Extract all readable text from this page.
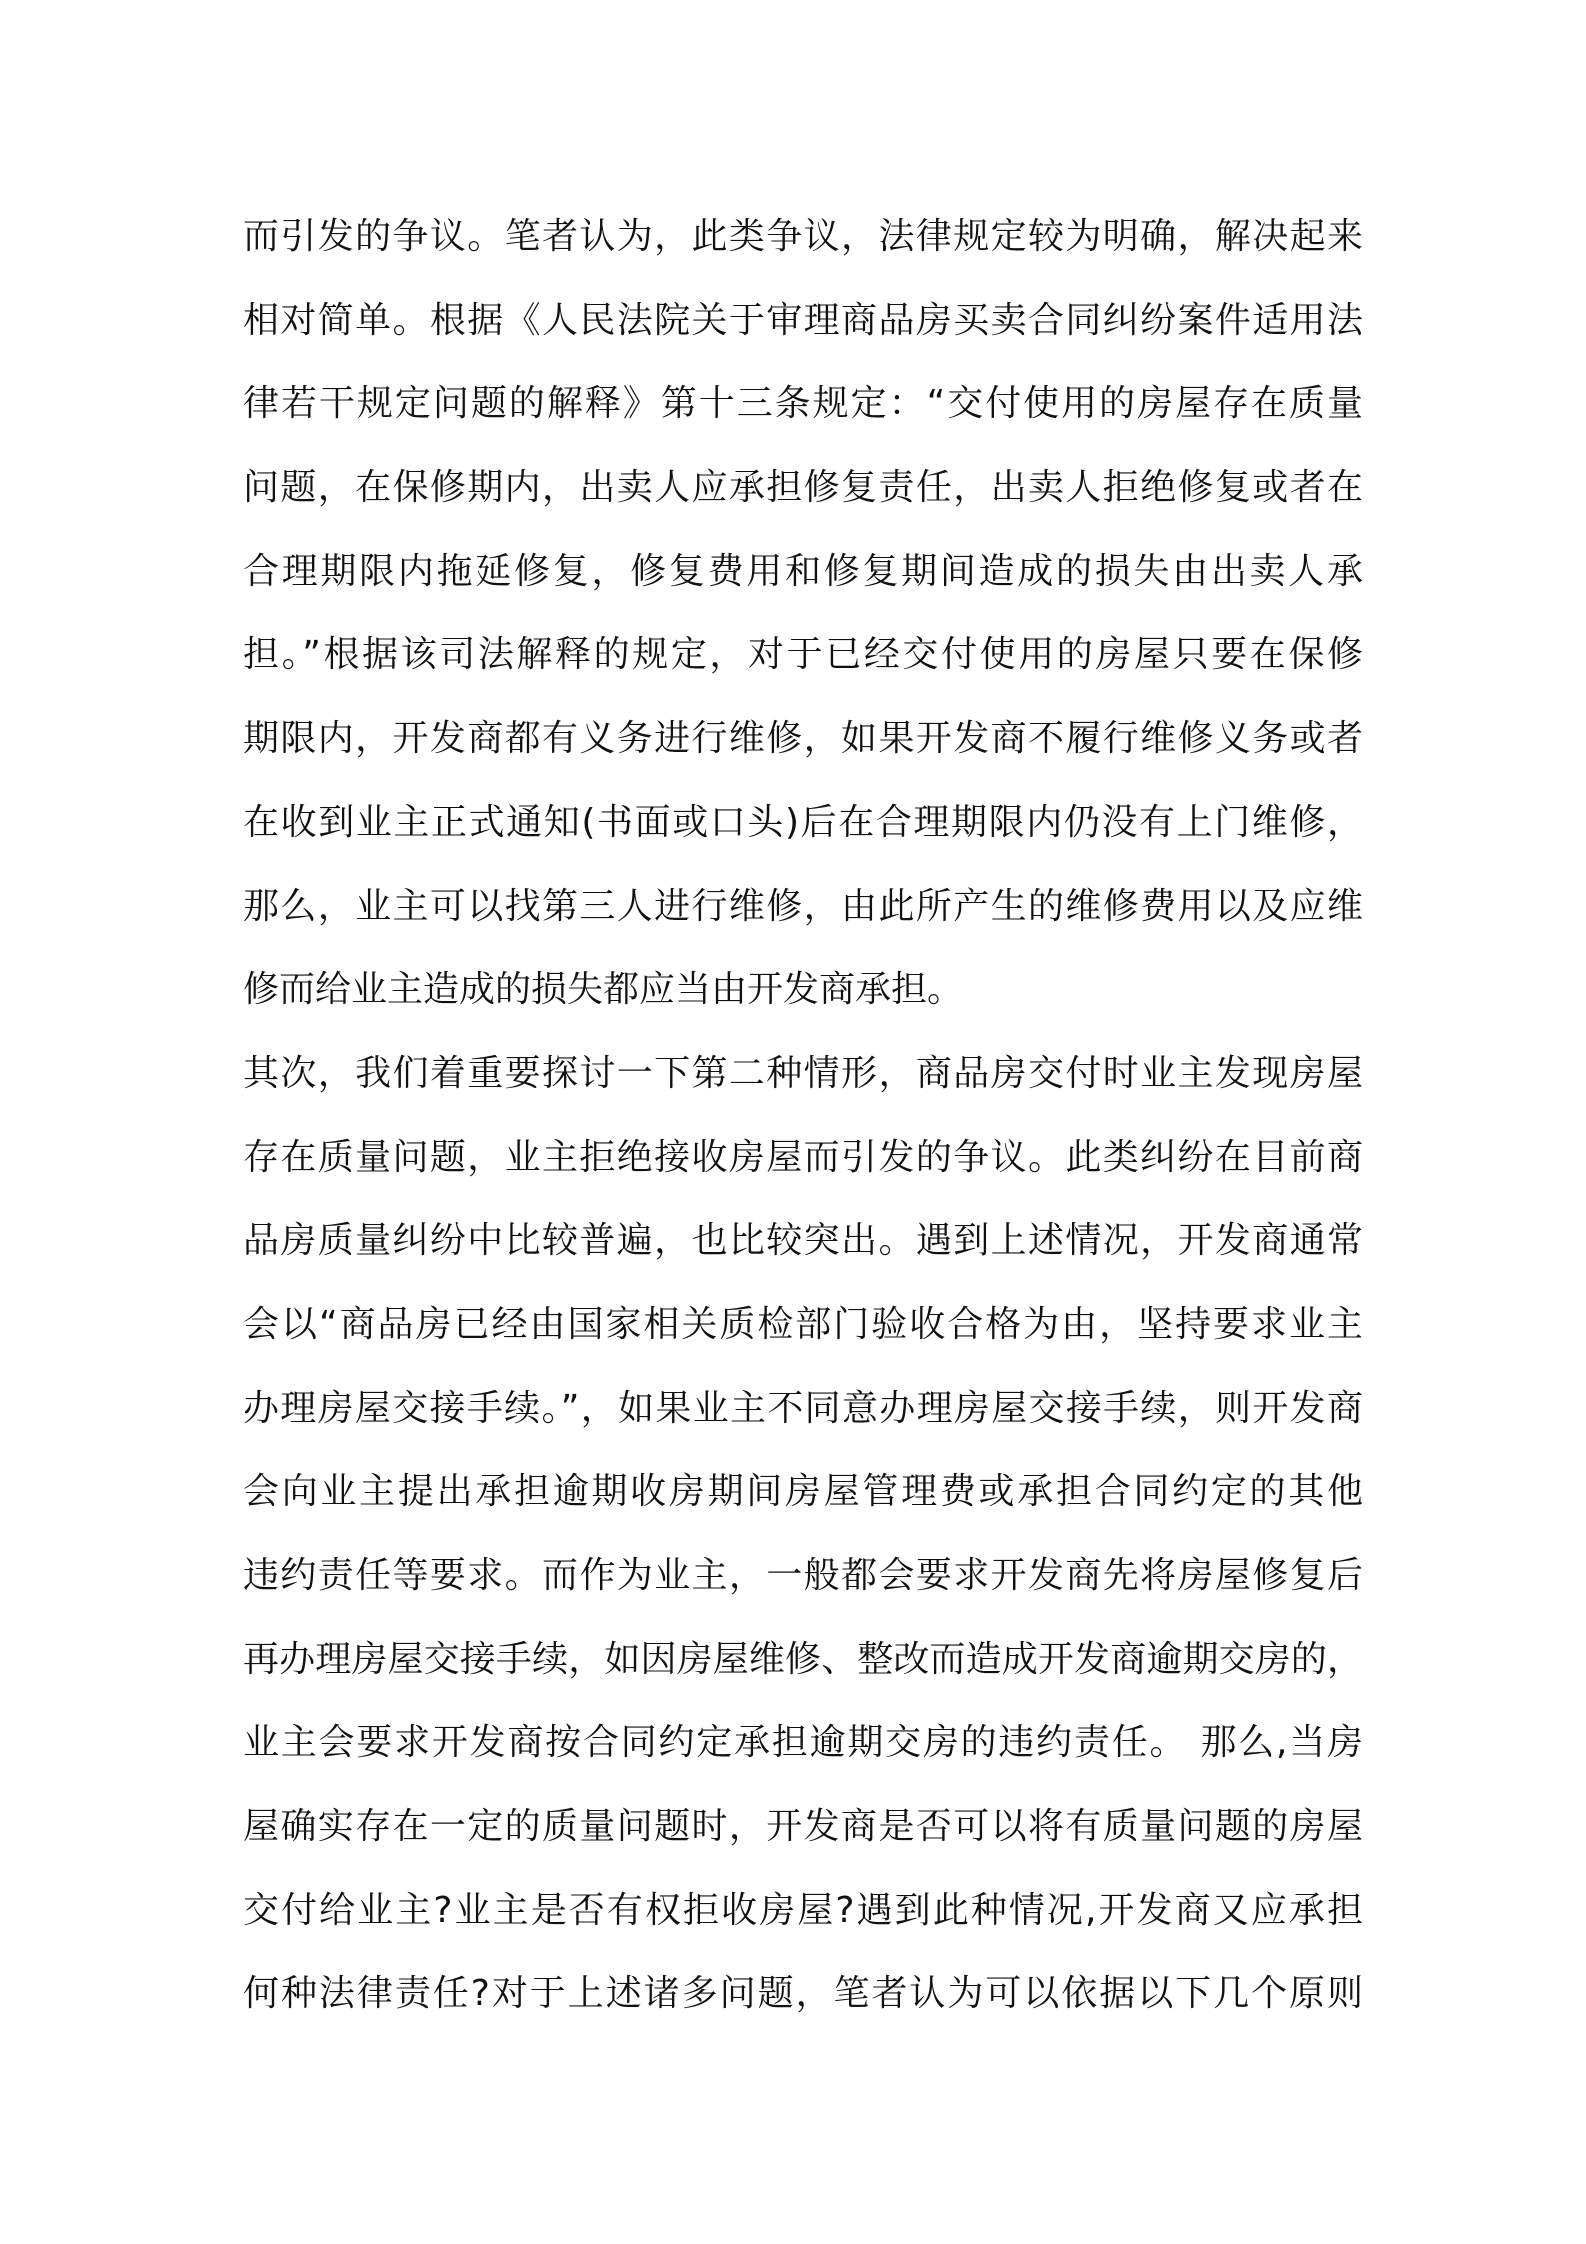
而引发的争议。笔者认为，此类争议，法律规定较为明确，解决起来
相对简单。根据《人民法院关于审理商品房买卖合同纠纷案件适用法
律若干规定问题的解释》第十三条规定：“交付使用的房屋存在质量
问题，在保修期内，出卖人应承担修复责任，出卖人拒绝修复或者在
合理期限内拖延修复，修复费用和修复期间造成的损失由出卖人承
担。”根据该司法解释的规定，对于已经交付使用的房屋只要在保修
期限内，开发商都有义务进行维修，如果开发商不履行维修义务或者
在收到业主正式通知(书面或口头)后在合理期限内仍没有上门维修，
那么，业主可以找第三人进行维修，由此所产生的维修费用以及应维
修而给业主造成的损失都应当由开发商承担。
其次，我们着重要探讨一下第二种情形，商品房交付时业主发现房屋
存在质量问题，业主拒绝接收房屋而引发的争议。此类纠纷在目前商
品房质量纠纷中比较普遍，也比较突出。遇到上述情况，开发商通常
会以“商品房已经由国家相关质检部门验收合格为由，坚持要求业主
办理房屋交接手续。”，如果业主不同意办理房屋交接手续，则开发商
会向业主提出承担逾期收房期间房屋管理费或承担合同约定的其他
违约责任等要求。而作为业主，一般都会要求开发商先将房屋修复后
再办理房屋交接手续，如因房屋维修、整改而造成开发商逾期交房的，
业主会要求开发商按合同约定承担逾期交房的违约责任。 那么,当房
屋确实存在一定的质量问题时，开发商是否可以将有质量问题的房屋
交付给业主?业主是否有权拒收房屋?遇到此种情况,开发商又应承担
何种法律责任?对于上述诸多问题，笔者认为可以依据以下几个原则
